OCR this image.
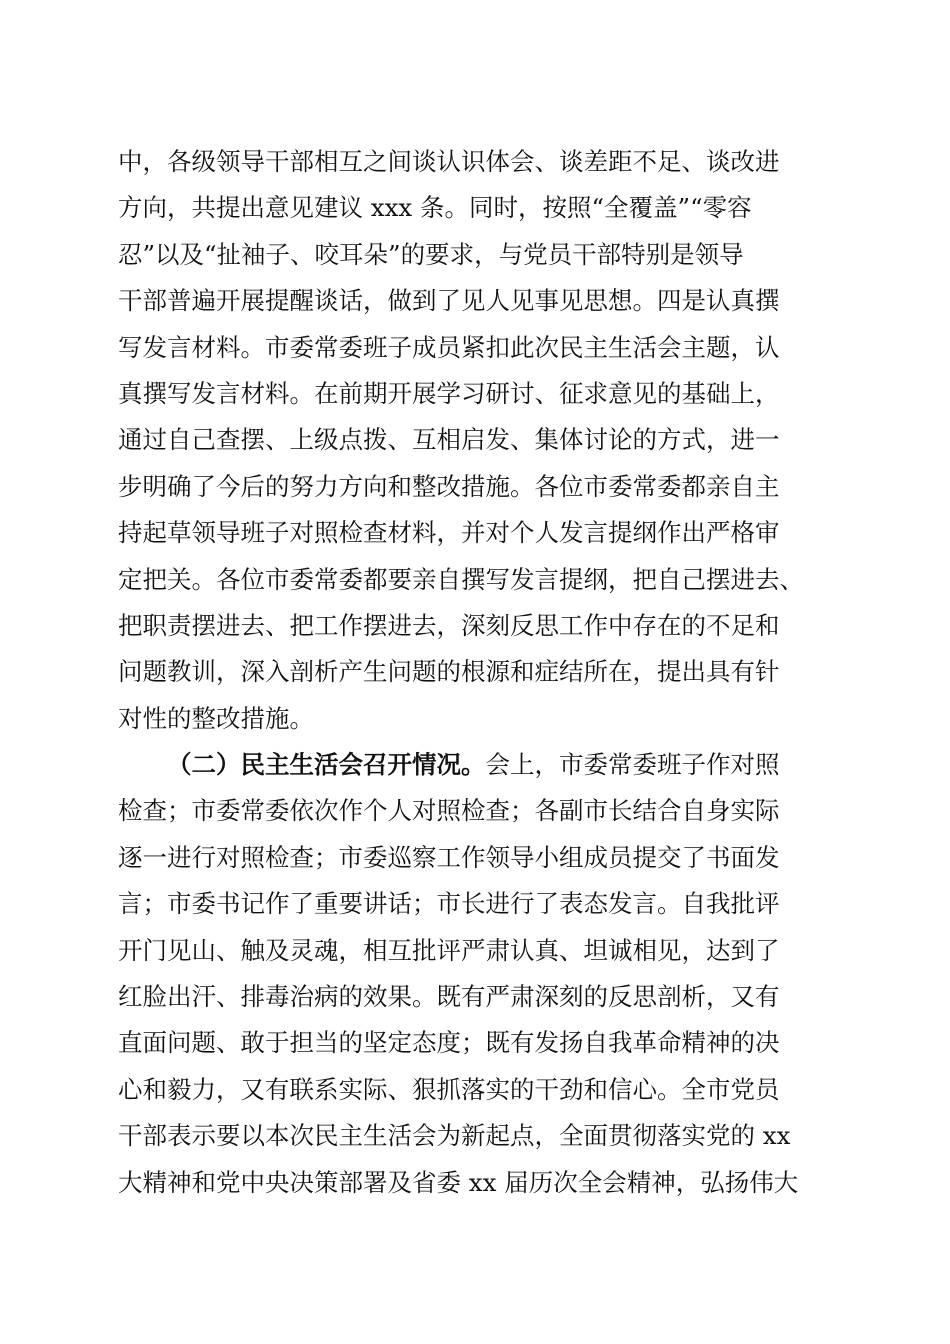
中，各级领导干部相互之间谈认识体会、谈差距不足、谈改进
方向，共提出意见建议 xxx 条。同时，按照“全覆盖”“零容
忍”以及“扯袖子、咬耳朵”的要求，与党员干部特别是领导
干部普遍开展提醒谈话，做到了见人见事见思想。四是认真撰
写发言材料。市委常委班子成员紧扣此次民主生活会主题，认
真撰写发言材料。在前期开展学习研讨、征求意见的基础上，
通过自己查摆、上级点拨、互相启发、集体讨论的方式，进一
步明确了今后的努力方向和整改措施。各位市委常委都亲自主
持起草领导班子对照检查材料，并对个人发言提纲作出严格审
定把关。各位市委常委都要亲自撰写发言提纲，把自己摆进去、
把职责摆进去、把工作摆进去，深刻反思工作中存在的不足和
问题教训，深入剖析产生问题的根源和症结所在，提出具有针
对性的整改措施。
（二）民主生活会召开情况。会上，市委常委班子作对照
检查；市委常委依次作个人对照检查；各副市长结合自身实际
逐一进行对照检查；市委巡察工作领导小组成员提交了书面发
言；市委书记作了重要讲话；市长进行了表态发言。自我批评
开门见山、触及灵魂，相互批评严肃认真、坦诚相见，达到了
红脸出汗、排毒治病的效果。既有严肃深刻的反思剖析，又有
直面问题、敢于担当的坚定态度；既有发扬自我革命精神的决
心和毅力，又有联系实际、狠抓落实的干劲和信心。全市党员
干部表示要以本次民主生活会为新起点，全面贯彻落实党的 xx
大精神和党中央决策部署及省委 xx 届历次全会精神，弘扬伟大
